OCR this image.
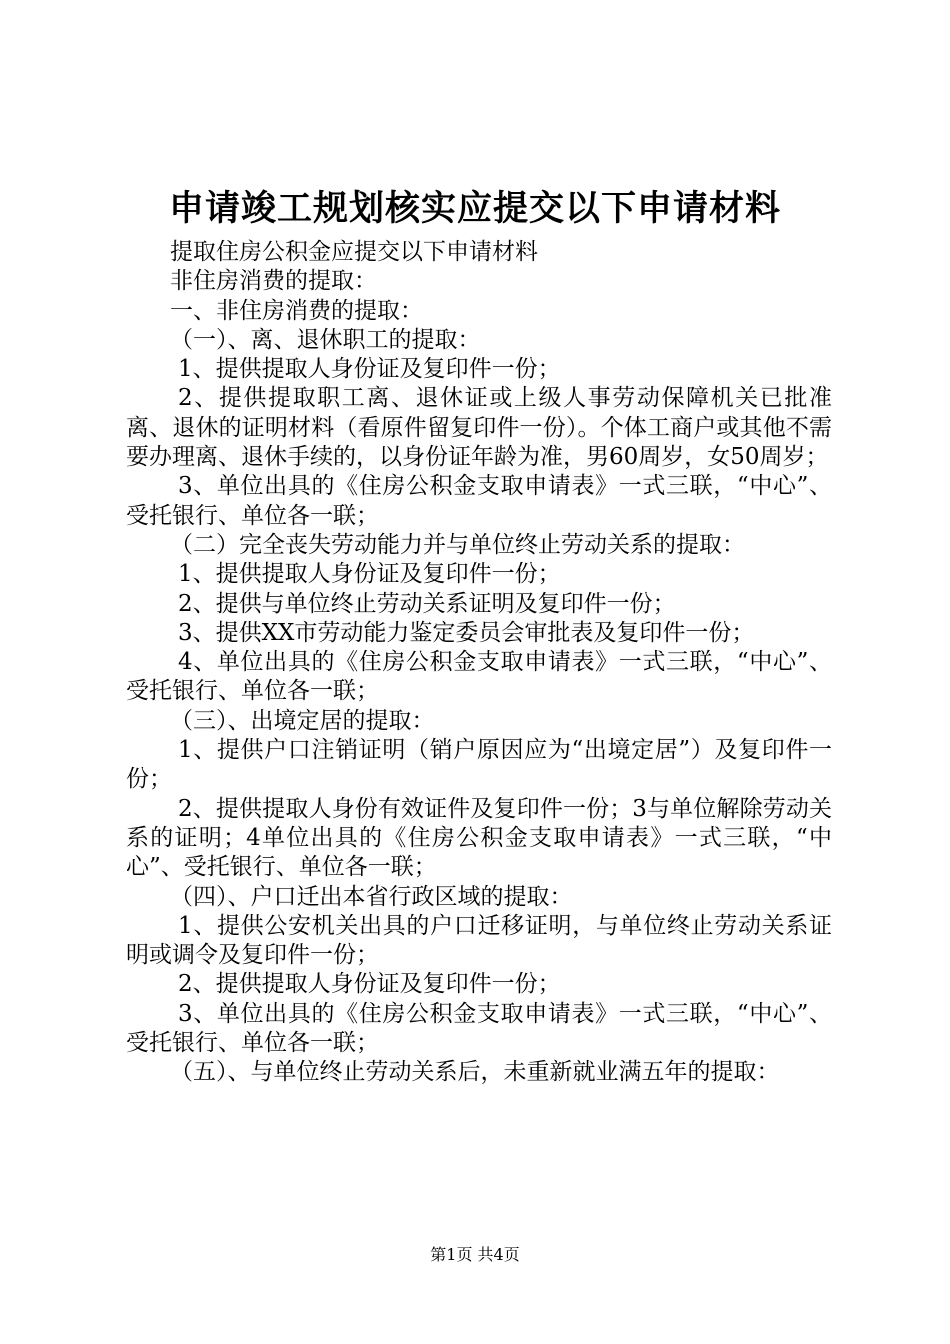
申请竣工规划核实应提交以下申请材料

提取住房公积金应提交以下申请材料

非住房消费的提取：

一、非住房消费的提取：

（一）、离、退休职工的提取：

1、提供提取人身份证及复印件一份；

2、提供提取职工离、退休证或上级人事劳动保障机关已批准离、退休的证明材料（看原件留复印件一份）。个体工商户或其他不需要办理离、退休手续的，以身份证年龄为准，男60周岁，女50周岁；

3、单位出具的《住房公积金支取申请表》一式三联，“中心”、受托银行、单位各一联；

（二）完全丧失劳动能力并与单位终止劳动关系的提取：

1、提供提取人身份证及复印件一份；

2、提供与单位终止劳动关系证明及复印件一份；

3、提供XX市劳动能力鉴定委员会审批表及复印件一份；

4、单位出具的《住房公积金支取申请表》一式三联，“中心”、受托银行、单位各一联；

（三）、出境定居的提取：

1、提供户口注销证明（销户原因应为“出境定居”）及复印件一份；

2、提供提取人身份有效证件及复印件一份；3与单位解除劳动关系的证明；4单位出具的《住房公积金支取申请表》一式三联，“中心”、受托银行、单位各一联；

（四）、户口迁出本省行政区域的提取：

1、提供公安机关出具的户口迁移证明，与单位终止劳动关系证明或调令及复印件一份；

2、提供提取人身份证及复印件一份；

3、单位出具的《住房公积金支取申请表》一式三联，“中心”、受托银行、单位各一联；

（五）、与单位终止劳动关系后，未重新就业满五年的提取：

第1页 共4页
